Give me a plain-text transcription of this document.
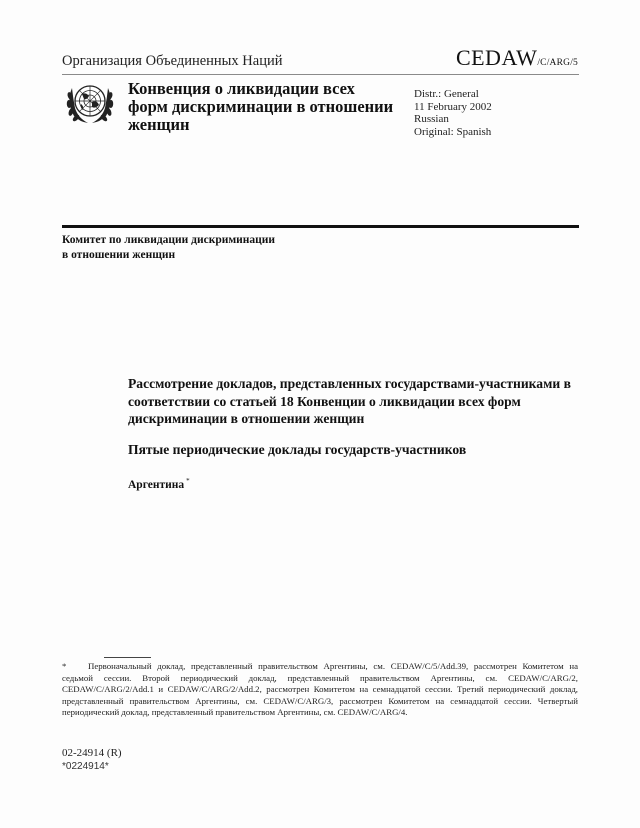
Организация Объединенных Наций	CEDAW/C/ARG/5
Конвенция о ликвидации всех форм дискриминации в отношении женщин
Distr.: General
11 February 2002
Russian
Original: Spanish
Комитет по ликвидации дискриминации
в отношении женщин
Рассмотрение докладов, представленных государствами-участниками в соответствии со статьей 18 Конвенции о ликвидации всех форм дискриминации в отношении женщин
Пятые периодические доклады государств-участников
Аргентина *
* Первоначальный доклад, представленный правительством Аргентины, см. CEDAW/C/5/Add.39, рассмотрен Комитетом на седьмой сессии. Второй периодический доклад, представленный правительством Аргентины, см. CEDAW/C/ARG/2, CEDAW/C/ARG/2/Add.1 и CEDAW/C/ARG/2/Add.2, рассмотрен Комитетом на семнадцатой сессии. Третий периодический доклад, представленный правительством Аргентины, см. CEDAW/C/ARG/3, рассмотрен Комитетом на семнадцатой сессии. Четвертый периодический доклад, представленный правительством Аргентины, см. CEDAW/C/ARG/4.
02-24914 (R)
*0224914*
